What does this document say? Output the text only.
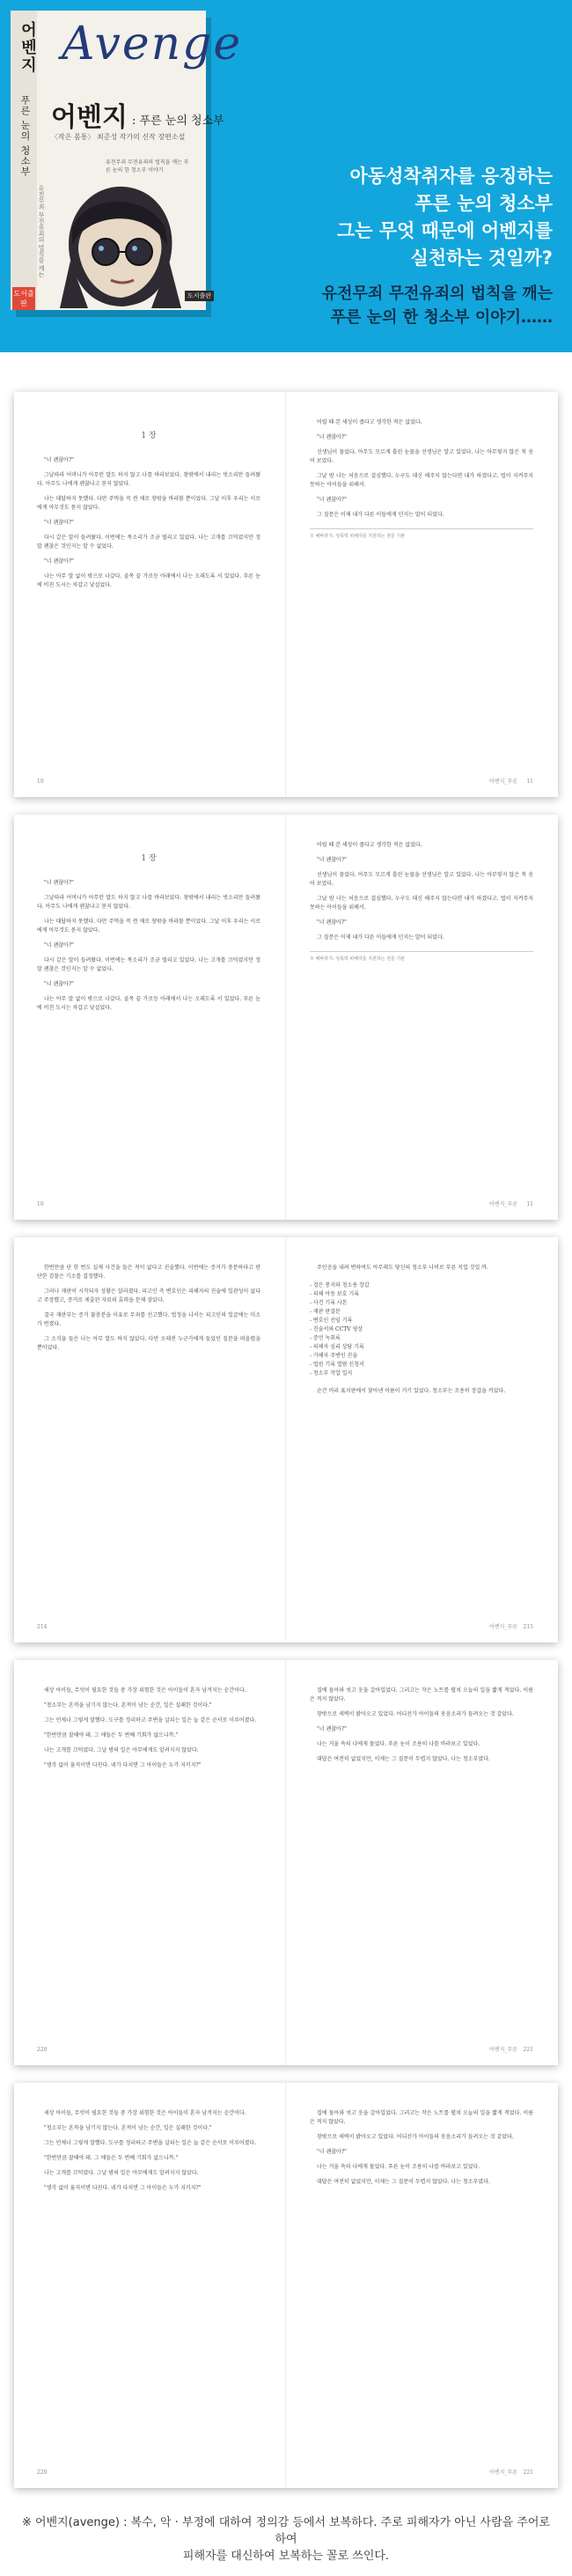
어벤지
푸른 눈의 청소부
도서출판
Avenge
어벤지 : 푸른 눈의 청소부
〈작은 몸통〉 최준성 작가의 신작 장편소설
유전무죄 무전유죄의 법칙을 깨는 푸른 눈의 한 청소부 이야기
도서출판
유전무죄 무전유죄의 법칙을 깨는
아동성착취자를 응징하는
푸른 눈의 청소부
그는 무엇 때문에 어벤지를
실천하는 것일까?
유전무죄 무전유죄의 법칙을 깨는
푸른 눈의 한 청소부 이야기……
1 장

"너 괜찮아?"

그날따라 어머니가 아무런 말도 하지 않고 나를 바라보았다. 창밖에서 내리는 빗소리만 들려왔다. 아무도 나에게 괜찮냐고 묻지 않았다.

나는 대답하지 못했다. 다만 주먹을 꼭 쥔 채로 창밖을 바라볼 뿐이었다. 그날 이후 우리는 서로에게 아무것도 묻지 않았다.

"너 괜찮아?"

다시 같은 말이 들려왔다. 이번에는 목소리가 조금 떨리고 있었다. 나는 고개를 끄덕였지만 정말 괜찮은 것인지는 알 수 없었다.

"너 괜찮아?"

나는 아무 말 없이 밖으로 나갔다. 골목 끝 가로등 아래에서 나는 오래도록 서 있었다. 푸른 눈에 비친 도시는 차갑고 낯설었다.

10

어릴 때 본 세상이 좁다고 생각한 적은 없었다.

"너 괜찮아?"

선생님이 물었다. 아무도 모르게 흘린 눈물을 선생님은 알고 있었다. 나는 아무렇지 않은 척 웃어 보였다.

그날 밤 나는 처음으로 결심했다. 누구도 대신 해주지 않는다면 내가 하겠다고. 법이 지켜주지 못하는 아이들을 위해서.

"너 괜찮아?"

그 질문은 이제 내가 다른 이들에게 던지는 말이 되었다.

※ 해바라기: 성폭력 피해자를 지원하는 전문 기관
어벤지_푸른 11
1 장

"너 괜찮아?"

그날따라 어머니가 아무런 말도 하지 않고 나를 바라보았다. 창밖에서 내리는 빗소리만 들려왔다. 아무도 나에게 괜찮냐고 묻지 않았다.

나는 대답하지 못했다. 다만 주먹을 꼭 쥔 채로 창밖을 바라볼 뿐이었다. 그날 이후 우리는 서로에게 아무것도 묻지 않았다.

"너 괜찮아?"

다시 같은 말이 들려왔다. 이번에는 목소리가 조금 떨리고 있었다. 나는 고개를 끄덕였지만 정말 괜찮은 것인지는 알 수 없었다.

"너 괜찮아?"

나는 아무 말 없이 밖으로 나갔다. 골목 끝 가로등 아래에서 나는 오래도록 서 있었다. 푸른 눈에 비친 도시는 차갑고 낯설었다.

10

어릴 때 본 세상이 좁다고 생각한 적은 없었다.

"너 괜찮아?"

선생님이 물었다. 아무도 모르게 흘린 눈물을 선생님은 알고 있었다. 나는 아무렇지 않은 척 웃어 보였다.

그날 밤 나는 처음으로 결심했다. 누구도 대신 해주지 않는다면 내가 하겠다고. 법이 지켜주지 못하는 아이들을 위해서.

"너 괜찮아?"

그 질문은 이제 내가 다른 이들에게 던지는 말이 되었다.

※ 해바라기: 성폭력 피해자를 지원하는 전문 기관
어벤지_푸른 11

한번만큼 단 한 번도 실제 사건을 들은 적이 없다고 진술했다. 이번에는 증거가 충분하다고 판단한 검찰은 기소를 결정했다.

그러나 재판이 시작되자 상황은 달라졌다. 피고인 측 변호인은 피해자의 진술에 일관성이 없다고 주장했고, 증거로 제출된 자료의 효력을 문제 삼았다.

결국 재판부는 증거 불충분을 이유로 무죄를 선고했다. 법정을 나서는 피고인의 얼굴에는 미소가 번졌다.

그 소식을 들은 나는 아무 말도 하지 않았다. 다만 오래전 누군가에게 들었던 질문을 떠올렸을 뿐이었다.

214

주인공을 내려 변하여도 아무래도 당신의 청소부 나비로 푸른 직업 것일 까.

- 검은 봉지와 청소용 장갑
- 피해 아동 보호 기록
- 사건 기록 사본
- 재판 판결문
- 변호인 선임 기록
- 진술서와 CCTV 영상
- 증언 녹취록
- 피해자 심리 상담 기록
- 가해자 주변인 진술
- 법원 기록 열람 신청서
- 청소부 작업 일지

순간 머리 표지판에서 찾아낸 이름이 거기 있었다. 청소부는 조용히 장갑을 끼었다.

어벤지_푸른 215

세상 아이들, 무엇이 필요한 것들 중 가장 위험한 것은 아이들이 혼자 남겨지는 순간이다.

"청소부는 흔적을 남기지 않는다. 흔적이 남는 순간, 일은 실패한 것이다."

그는 언제나 그렇게 말했다. 도구를 정리하고 주변을 살피는 일은 늘 같은 순서로 이루어졌다.

"한번만큼 잘해야 돼. 그 애들은 두 번째 기회가 없으니까."

나는 고개를 끄덕였다. 그날 밤의 일은 아무에게도 알려지지 않았다.

"생각 없이 움직이면 다친다. 네가 다치면 그 아이들은 누가 지키지?"

220

집에 돌아와 씻고 옷을 갈아입었다. 그러고는 작은 노트를 펼쳐 오늘의 일을 짧게 적었다. 이름은 적지 않았다.

창밖으로 새벽이 밝아오고 있었다. 어디선가 아이들의 웃음소리가 들려오는 것 같았다.

"너 괜찮아?"

나는 거울 속의 나에게 물었다. 푸른 눈이 조용히 나를 바라보고 있었다.

대답은 여전히 없었지만, 이제는 그 질문이 두렵지 않았다. 나는 청소부였다.

어벤지_푸른 221

세상 아이들, 무엇이 필요한 것들 중 가장 위험한 것은 아이들이 혼자 남겨지는 순간이다.

"청소부는 흔적을 남기지 않는다. 흔적이 남는 순간, 일은 실패한 것이다."

그는 언제나 그렇게 말했다. 도구를 정리하고 주변을 살피는 일은 늘 같은 순서로 이루어졌다.

"한번만큼 잘해야 돼. 그 애들은 두 번째 기회가 없으니까."

나는 고개를 끄덕였다. 그날 밤의 일은 아무에게도 알려지지 않았다.

"생각 없이 움직이면 다친다. 네가 다치면 그 아이들은 누가 지키지?"

220

집에 돌아와 씻고 옷을 갈아입었다. 그러고는 작은 노트를 펼쳐 오늘의 일을 짧게 적었다. 이름은 적지 않았다.

창밖으로 새벽이 밝아오고 있었다. 어디선가 아이들의 웃음소리가 들려오는 것 같았다.

"너 괜찮아?"

나는 거울 속의 나에게 물었다. 푸른 눈이 조용히 나를 바라보고 있었다.

대답은 여전히 없었지만, 이제는 그 질문이 두렵지 않았다. 나는 청소부였다.

어벤지_푸른 221
※ 어벤지(avenge) : 복수, 악 · 부정에 대하여 정의감 등에서 보복하다. 주로 피해자가 아닌 사람을 주어로 하여
피해자를 대신하여 보복하는 꼴로 쓰인다.
